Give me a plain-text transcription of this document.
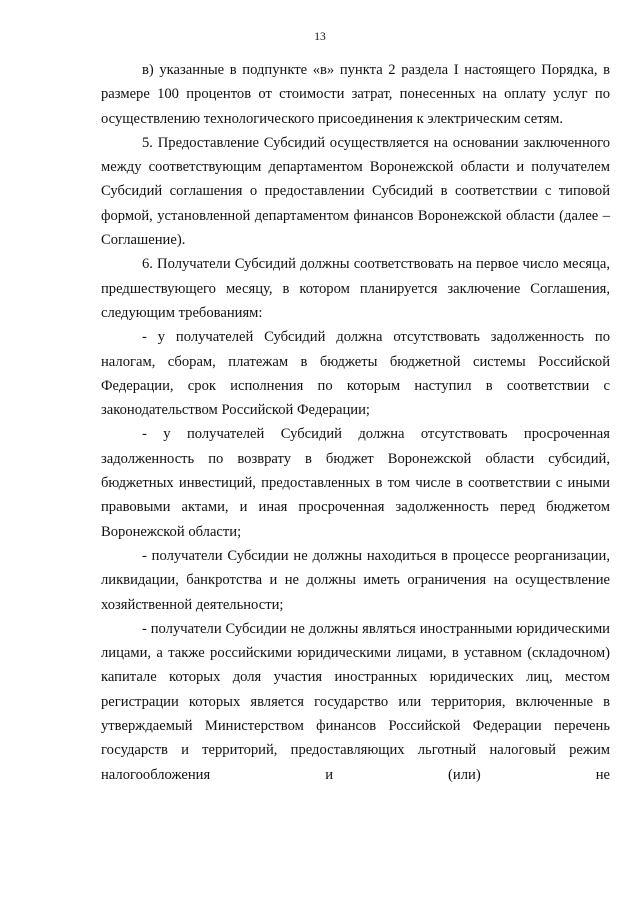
13

в) указанные в подпункте «в» пункта 2 раздела I настоящего Порядка, в размере 100 процентов от стоимости затрат, понесенных на оплату услуг по осуществлению технологического присоединения к электрическим сетям.

5. Предоставление Субсидий осуществляется на основании заключенного между соответствующим департаментом Воронежской области и получателем Субсидий соглашения о предоставлении Субсидий в соответствии с типовой формой, установленной департаментом финансов Воронежской области (далее – Соглашение).

6. Получатели Субсидий должны соответствовать на первое число месяца, предшествующего месяцу, в котором планируется заключение Соглашения, следующим требованиям:

- у получателей Субсидий должна отсутствовать задолженность по налогам, сборам, платежам в бюджеты бюджетной системы Российской Федерации, срок исполнения по которым наступил в соответствии с законодательством Российской Федерации;

- у получателей Субсидий должна отсутствовать просроченная задолженность по возврату в бюджет Воронежской области субсидий, бюджетных инвестиций, предоставленных в том числе в соответствии с иными правовыми актами, и иная просроченная задолженность перед бюджетом Воронежской области;

- получатели Субсидии не должны находиться в процессе реорганизации, ликвидации, банкротства и не должны иметь ограничения на осуществление хозяйственной деятельности;

- получатели Субсидии не должны являться иностранными юридическими лицами, а также российскими юридическими лицами, в уставном (складочном) капитале которых доля участия иностранных юридических лиц, местом регистрации которых является государство или территория, включенные в утверждаемый Министерством финансов Российской Федерации перечень государств и территорий, предоставляющих льготный налоговый режим налогообложения и (или) не
